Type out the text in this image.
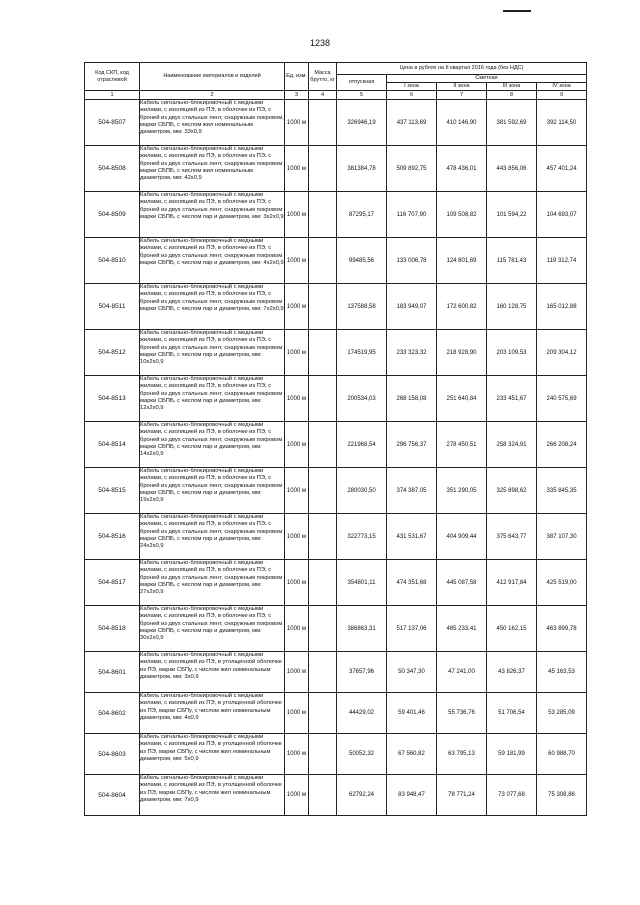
1238
Код СКП, код отраслевой	Наименование материалов и изделий	Ед. изм.	Масса брутто, кг	Цена в рублях на II квартал 2016 года (без НДС)				
				отпускная	Сметная			
					I зона	II зона	III зона	IV зона
1	2	3	4	5	6	7	8	9
504-8507	Кабель сигнально-блокировочный с медными жилами, с изоляцией из ПЭ, в оболочке из ПЭ, с броней из двух стальных лент, снаружным покровом, марки СБПБ, с числом жил номинальным диаметром, мм: 33х0,9	1000 м		326946,19	437 113,69	410 146,90	381 592,69	392 114,50
504-8508	Кабель сигнально-блокировочный с медными жилами, с изоляцией из ПЭ, в оболочке из ПЭ, с броней из двух стальных лент, снаружным покровом марки СБПБ, с числом жил номинальным диаметром, мм: 42х0,9	1000 м		381384,78	509 892,75	478 436,01	443 856,06	457 401,24
504-8509	Кабель сигнально-блокировочный с медными жилами, с изоляцией из ПЭ, в оболочке из ПЭ, с броней из двух стальных лент, снаружным покровом марки СБПБ, с числом пар и диаметром, мм: 3х2х0,9	1000 м		87295,17	116 707,90	109 508,82	101 594,22	104 693,07
504-8510	Кабель сигнально-блокировочный с медными жилами, с изоляцией из ПЭ, в оболочке из ПЭ, с броней из двух стальных лент, снаружным покровом марки СБПБ, с числом пар и диаметром, мм: 4х2х0,9	1000 м		99485,56	133 006,78	124 801,69	115 781,43	119 312,74
504-8511	Кабель сигнально-блокировочный с медными жилами, с изоляцией из ПЭ, в оболочке из ПЭ, с броней из двух стальных лент, снаружным покровом марки СБПБ, с числом пар и диаметром, мм: 7х2х0,9	1000 м		137588,58	183 949,07	172 600,82	160 128,75	165 012,88
504-8512	Кабель сигнально-блокировочный с медными жилами, с изоляцией из ПЭ, в оболочке из ПЭ, с броней из двух стальных лент, снаружным покровом марки СБПБ, с числом пар и диаметром, мм: 10х2х0,9	1000 м		174519,95	233 323,32	218 928,90	203 109,53	209 304,12
504-8513	Кабель сигнально-блокировочный с медными жилами, с изоляцией из ПЭ, в оболочке из ПЭ, с броней из двух стальных лент, снаружным покровом марки СБПБ, с числом пар и диаметром, мм: 12х2х0,9	1000 м		200534,03	268 158,08	251 640,84	233 451,67	240 575,69
504-8514	Кабель сигнально-блокировочный с медными жилами, с изоляцией из ПЭ, в оболочке из ПЭ, с броней из двух стальных лент, снаружным покровом марки СБПБ, с числом пар и диаметром, мм: 14х2х0,9	1000 м		221968,54	296 756,37	278 450,51	258 324,91	266 208,24
504-8515	Кабель сигнально-блокировочный с медными жилами, с изоляцией из ПЭ, в оболочке из ПЭ, с броней из двух стальных лент, снаружным покровом марки СБПБ, с числом пар и диаметром, мм: 19х2х0,9	1000 м		280030,50	374 387,05	351 290,05	325 898,62	335 845,35
504-8516	Кабель сигнально-блокировочный с медными жилами, с изоляцией из ПЭ, в оболочке из ПЭ, с броней из двух стальных лент, снаружным покровом марки СБПБ, с числом пар и диаметром, мм: 24х2х0,9	1000 м		322773,15	431 531,67	404 909,44	375 643,77	387 107,30
504-8517	Кабель сигнально-блокировочный с медными жилами, с изоляцией из ПЭ, в оболочке из ПЭ, с броней из двух стальных лент, снаружным покровом марки СБПБ, с числом пар и диаметром, мм: 27х2х0,9	1000 м		354801,11	474 351,68	445 087,58	412 917,84	425 519,00
504-8518	Кабель сигнально-блокировочный с медными жилами, с изоляцией из ПЭ, в оболочке из ПЭ, с броней из двух стальных лент, снаружным покровом марки СБПБ, с числом пар и диаметром, мм: 30х2х0,9	1000 м		386863,31	517 137,06	485 233,41	450 162,15	463 899,78
504-8601	Кабель сигнально-блокировочный с медными жилами, с изоляцией из ПЭ, в утолщенной оболочке из ПЭ, марки СБПу, с числом жил номинальным диаметром, мм: 3х0,9	1000 м		37657,96	50 347,30	47 241,00	43 826,37	45 163,53
504-8602	Кабель сигнально-блокировочный с медными жилами, с изоляцией из ПЭ, в утолщенной оболочке из ПЭ, марки СБПу, с числом жил номинальным диаметром, мм: 4х0,9	1000 м		44429,02	59 401,46	55 736,76	51 706,54	53 285,09
504-8603	Кабель сигнально-блокировочный с медными жилами, с изоляцией из ПЭ, в утолщенной оболочке из ПЭ, марки СБПу, с числом жил номинальным диаметром, мм: 5х0,9	1000 м		50052,32	67 560,82	63 795,13	59 181,99	60 988,70
504-8604	Кабель сигнально-блокировочный с медными жилами, с изоляцией из ПЭ, в утолщенной оболочке из ПЭ, марки СБПу, с числом жил номинальным диаметром, мм: 7х0,9	1000 м		62792,24	83 948,47	78 771,24	73 077,68	75 308,86
